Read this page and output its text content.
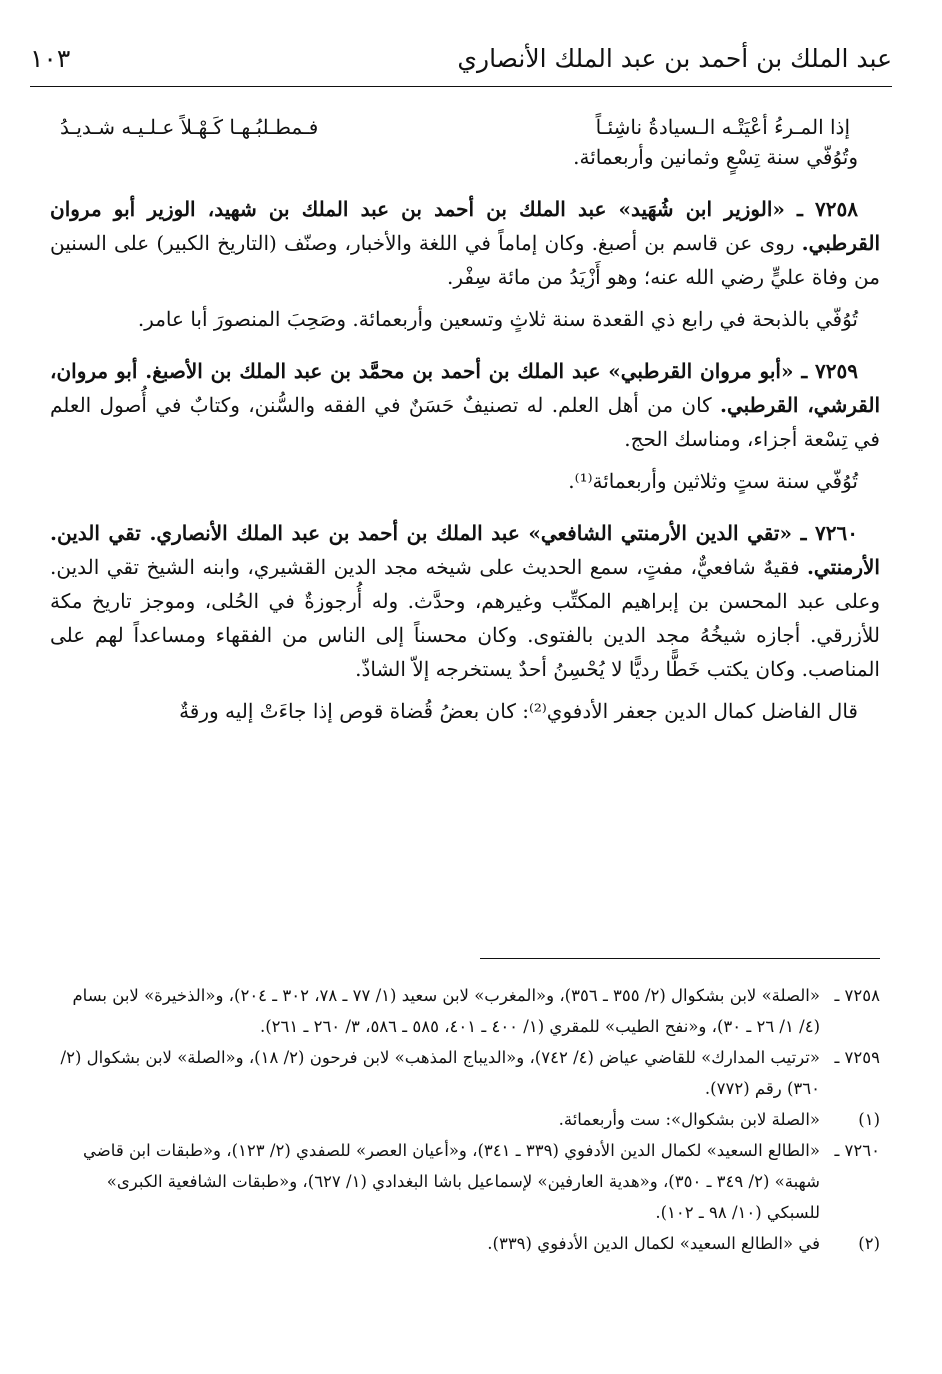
عبد الملك بن أحمد بن عبد الملك الأنصاري
١٠٣
إذا المـرءُ أعْيَتْـه الـسيادةُ ناشِئـاً
فـمطـلبُـهـا كَـهْـلاً عـلـيـه شـديـدُ

وتُوُفّي سنة تِسْعٍ وثمانين وأربعمائة.

٧٢٥٨ ـ «الوزير ابن شُهَيد» عبد الملك بن أحمد بن عبد الملك بن شهيد، الوزير أبو مروان القرطبي. روى عن قاسم بن أصبغ. وكان إماماً في اللغة والأخبار، وصنّف (التاريخ الكبير) على السنين من وفاة عليٍّ رضي الله عنه؛ وهو أَزْيَدُ من مائة سِفْر.

تُوُفّي بالذبحة في رابع ذي القعدة سنة ثلاثٍ وتسعين وأربعمائة. وصَحِبَ المنصورَ أبا عامر.

٧٢٥٩ ـ «أبو مروان القرطبي» عبد الملك بن أحمد بن محمَّد بن عبد الملك بن الأصبغ. أبو مروان، القرشي، القرطبي. كان من أهل العلم. له تصنيفٌ حَسَنٌ في الفقه والسُّنن، وكتابٌ في أُصول العلم في تِسْعة أجزاء، ومناسك الحج.

تُوُفّي سنة ستٍ وثلاثين وأربعمائة⁽¹⁾.

٧٢٦٠ ـ «تقي الدين الأرمنتي الشافعي» عبد الملك بن أحمد بن عبد الملك الأنصاري. تقي الدين. الأرمنتي. فقيهٌ شافعيٌّ، مفتٍ، سمع الحديث على شيخه مجد الدين القشيري، وابنه الشيخ تقي الدين. وعلى عبد المحسن بن إبراهيم المكتِّب وغيرهم، وحدَّث. وله أُرجوزةٌ في الحُلى، وموجز تاريخ مكة للأزرقي. أجازه شيخُهُ مجد الدين بالفتوى. وكان محسناً إلى الناس من الفقهاء ومساعداً لهم على المناصب. وكان يكتب خَطًّا رديًّا لا يُحْسِنُ أحدٌ يستخرجه إلاّ الشاذّ.

قال الفاضل كمال الدين جعفر الأدفوي⁽²⁾: كان بعضُ قُضاة قوص إذا جاءَتْ إليه ورقةٌ

٧٢٥٨ ـ
«الصلة» لابن بشكوال (٢/ ٣٥٥ ـ ٣٥٦)، و«المغرب» لابن سعيد (١/ ٧٧ ـ ٧٨، ٣٠٢ ـ ٢٠٤)، و«الذخيرة» لابن بسام (٤/ ١/ ٢٦ ـ ٣٠)، و«نفح الطيب» للمقري (١/ ٤٠٠ ـ ٤٠١، ٥٨٥ ـ ٥٨٦، ٣/ ٢٦٠ ـ ٢٦١).
٧٢٥٩ ـ
«ترتيب المدارك» للقاضي عياض (٤/ ٧٤٢)، و«الديباج المذهب» لابن فرحون (٢/ ١٨)، و«الصلة» لابن بشكوال (٢/ ٣٦٠) رقم (٧٧٢).
(١)
«الصلة لابن بشكوال»: ست وأربعمائة.
٧٢٦٠ ـ
«الطالع السعيد» لكمال الدين الأدفوي (٣٣٩ ـ ٣٤١)، و«أعيان العصر» للصفدي (٢/ ١٢٣)، و«طبقات ابن قاضي شهبة» (٢/ ٣٤٩ ـ ٣٥٠)، و«هدية العارفين» لإسماعيل باشا البغدادي (١/ ٦٢٧)، و«طبقات الشافعية الكبرى» للسبكي (١٠/ ٩٨ ـ ١٠٢).
(٢)
في «الطالع السعيد» لكمال الدين الأدفوي (٣٣٩).
